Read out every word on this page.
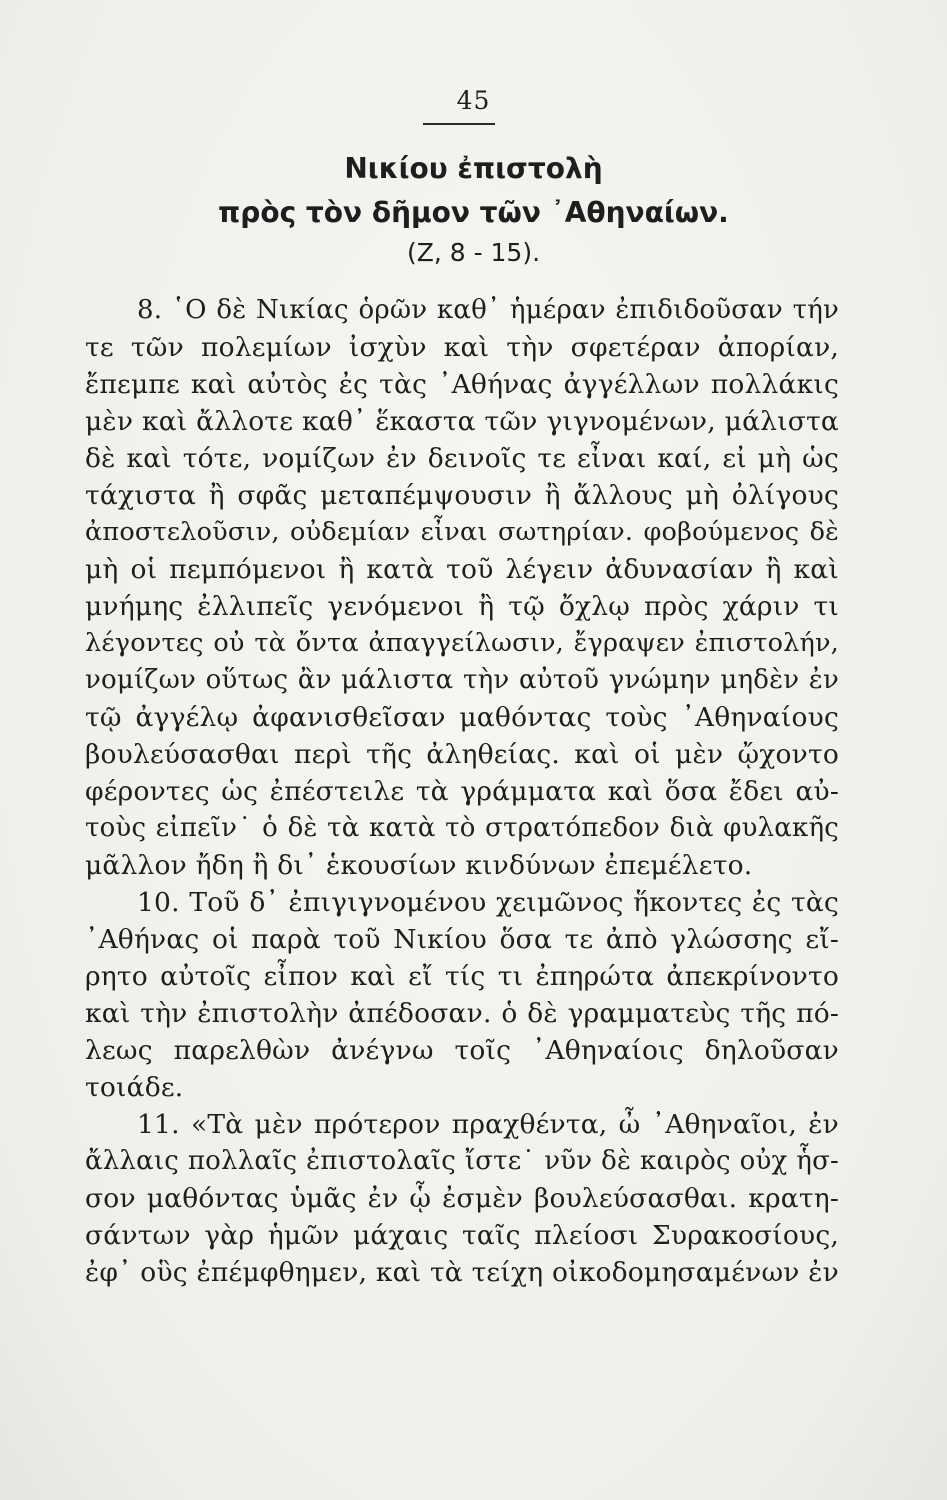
45
Νικίου ἐπιστολὴ
πρὸς τὸν δῆμον τῶν ᾽Αθηναίων.
(Ζ, 8 - 15).
8. ῾Ο δὲ Νικίας ὁρῶν καθ᾽ ἡμέραν ἐπιδιδοῦσαν τήν
τε τῶν πολεμίων ἰσχὺν καὶ τὴν σφετέραν ἀπορίαν,
ἔπεμπε καὶ αὐτὸς ἐς τὰς ᾽Αθήνας ἀγγέλλων πολλάκις
μὲν καὶ ἄλλοτε καθ᾽ ἕκαστα τῶν γιγνομένων, μάλιστα
δὲ καὶ τότε, νομίζων ἐν δεινοῖς τε εἶναι καί, εἰ μὴ ὡς
τάχιστα ἢ σφᾶς μεταπέμψουσιν ἢ ἄλλους μὴ ὀλίγους
ἀποστελοῦσιν, οὐδεμίαν εἶναι σωτηρίαν. φοβούμενος δὲ
μὴ οἱ πεμπόμενοι ἢ κατὰ τοῦ λέγειν ἀδυνασίαν ἢ καὶ
μνήμης ἐλλιπεῖς γενόμενοι ἢ τῷ ὄχλῳ πρὸς χάριν τι
λέγοντες οὐ τὰ ὄντα ἀπαγγείλωσιν, ἔγραψεν ἐπιστολήν,
νομίζων οὕτως ἂν μάλιστα τὴν αὐτοῦ γνώμην μηδὲν ἐν
τῷ ἀγγέλῳ ἀφανισθεῖσαν μαθόντας τοὺς ᾽Αθηναίους
βουλεύσασθαι περὶ τῆς ἀληθείας. καὶ οἱ μὲν ᾤχοντο
φέροντες ὡς ἐπέστειλε τὰ γράμματα καὶ ὅσα ἔδει αὐ-
τοὺς εἰπεῖν˙ ὁ δὲ τὰ κατὰ τὸ στρατόπεδον διὰ φυλακῆς
μᾶλλον ἤδη ἢ δι᾽ ἑκουσίων κινδύνων ἐπεμέλετο.
10. Τοῦ δ᾽ ἐπιγιγνομένου χειμῶνος ἥκοντες ἐς τὰς
᾽Αθήνας οἱ παρὰ τοῦ Νικίου ὅσα τε ἀπὸ γλώσσης εἴ-
ρητο αὐτοῖς εἶπον καὶ εἴ τίς τι ἐπηρώτα ἀπεκρίνοντο
καὶ τὴν ἐπιστολὴν ἀπέδοσαν. ὁ δὲ γραμματεὺς τῆς πό-
λεως παρελθὼν ἀνέγνω τοῖς ᾽Αθηναίοις δηλοῦσαν
τοιάδε.
11. «Τὰ μὲν πρότερον πραχθέντα, ὦ ᾽Αθηναῖοι, ἐν
ἄλλαις πολλαῖς ἐπιστολαῖς ἴστε˙ νῦν δὲ καιρὸς οὐχ ἧσ-
σον μαθόντας ὑμᾶς ἐν ᾧ ἐσμὲν βουλεύσασθαι. κρατη-
σάντων γὰρ ἡμῶν μάχαις ταῖς πλείοσι Συρακοσίους,
ἐφ᾽ οὓς ἐπέμφθημεν, καὶ τὰ τείχη οἰκοδομησαμένων ἐν
